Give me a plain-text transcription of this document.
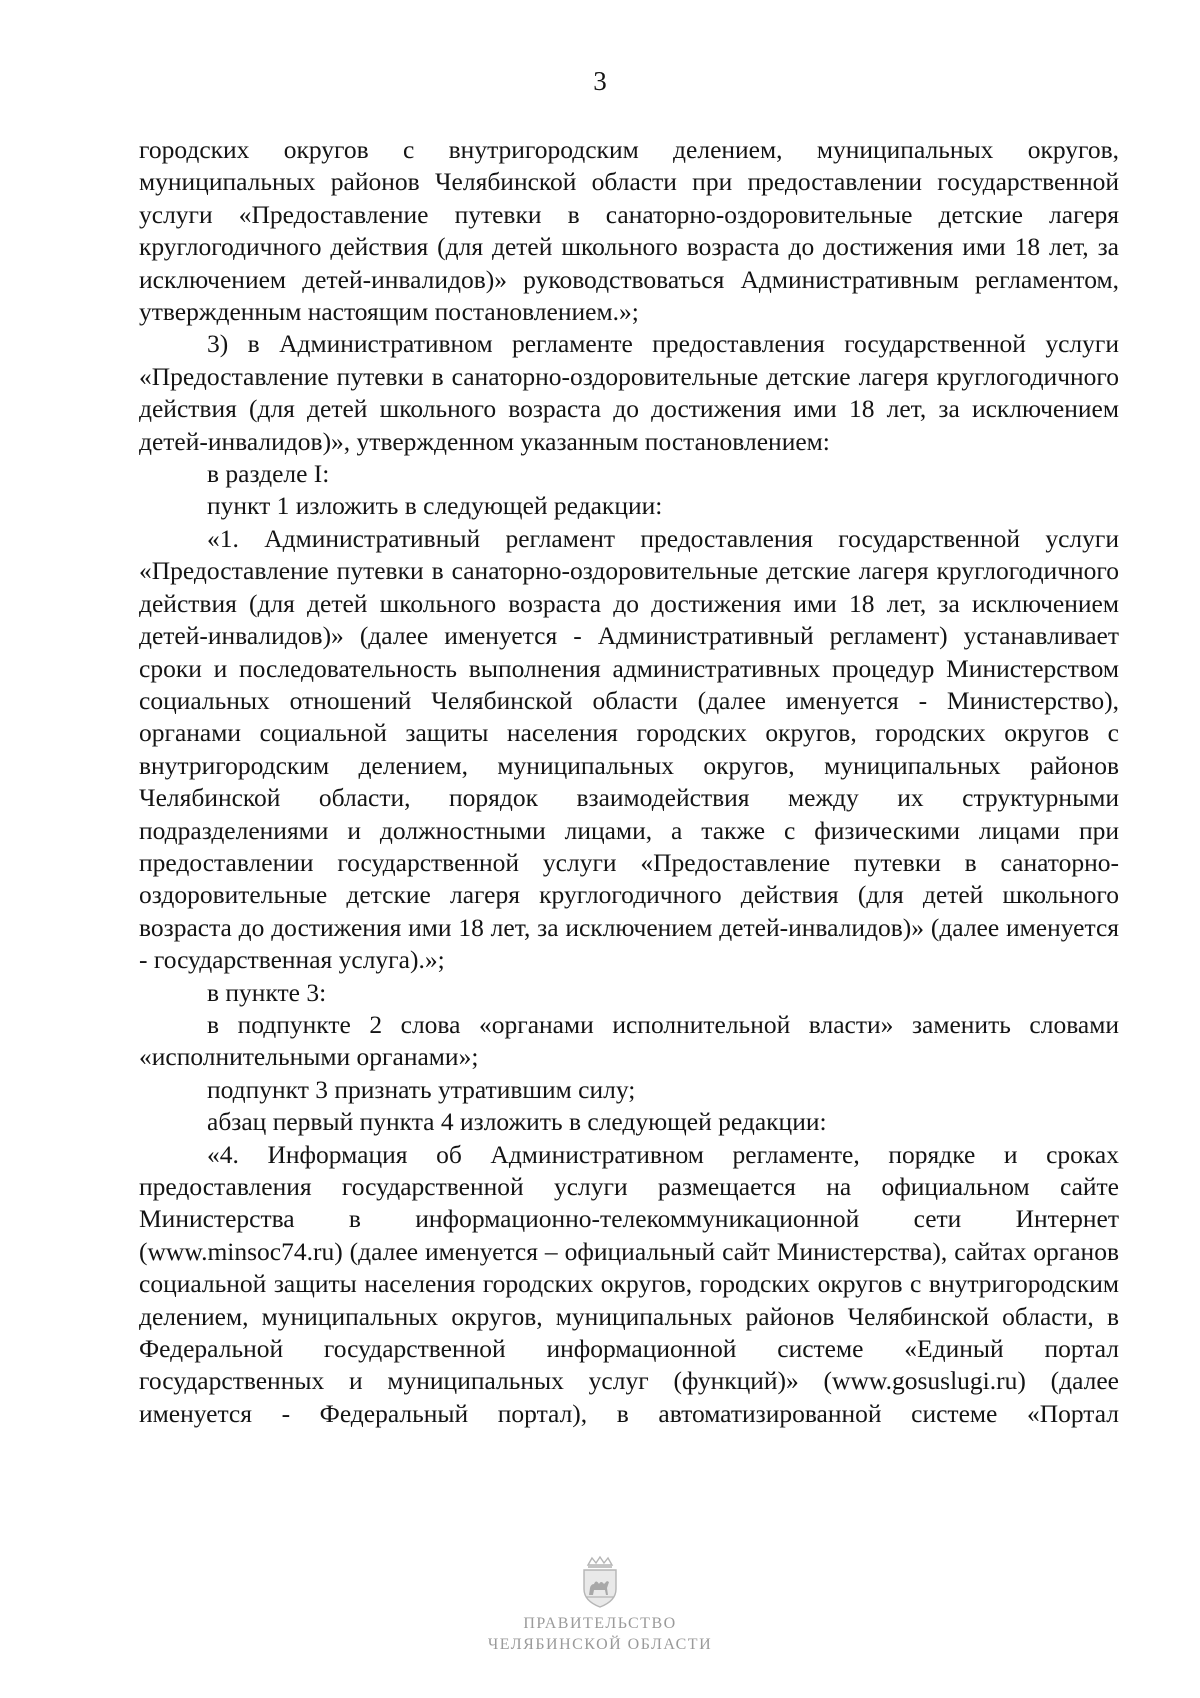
3

городских округов с внутригородским делением, муниципальных округов, муниципальных районов Челябинской области при предоставлении государственной услуги «Предоставление путевки в санаторно-оздоровительные детские лагеря круглогодичного действия (для детей школьного возраста до достижения ими 18 лет, за исключением детей-инвалидов)» руководствоваться Административным регламентом, утвержденным настоящим постановлением.»;

3) в Административном регламенте предоставления государственной услуги «Предоставление путевки в санаторно-оздоровительные детские лагеря круглогодичного действия (для детей школьного возраста до достижения ими 18 лет, за исключением детей-инвалидов)», утвержденном указанным постановлением:

в разделе I:

пункт 1 изложить в следующей редакции:

«1. Административный регламент предоставления государственной услуги «Предоставление путевки в санаторно-оздоровительные детские лагеря круглогодичного действия (для детей школьного возраста до достижения ими 18 лет, за исключением детей-инвалидов)» (далее именуется - Административный регламент) устанавливает сроки и последовательность выполнения административных процедур Министерством социальных отношений Челябинской области (далее именуется - Министерство), органами социальной защиты населения городских округов, городских округов с внутригородским делением, муниципальных округов, муниципальных районов Челябинской области, порядок взаимодействия между их структурными подразделениями и должностными лицами, а также с физическими лицами при предоставлении государственной услуги «Предоставление путевки в санаторно-оздоровительные детские лагеря круглогодичного действия (для детей школьного возраста до достижения ими 18 лет, за исключением детей-инвалидов)» (далее именуется - государственная услуга).»;

в пункте 3:

в подпункте 2 слова «органами исполнительной власти» заменить словами «исполнительными органами»;

подпункт 3 признать утратившим силу;

абзац первый пункта 4 изложить в следующей редакции:

«4. Информация об Административном регламенте, порядке и сроках предоставления государственной услуги размещается на официальном сайте Министерства в информационно-телекоммуникационной сети Интернет (www.minsoc74.ru) (далее именуется – официальный сайт Министерства), сайтах органов социальной защиты населения городских округов, городских округов с внутригородским делением, муниципальных округов, муниципальных районов Челябинской области, в Федеральной государственной информационной системе «Единый портал государственных и муниципальных услуг (функций)» (www.gosuslugi.ru) (далее именуется - Федеральный портал), в автоматизированной системе «Портал

ПРАВИТЕЛЬСТВО
ЧЕЛЯБИНСКОЙ ОБЛАСТИ
